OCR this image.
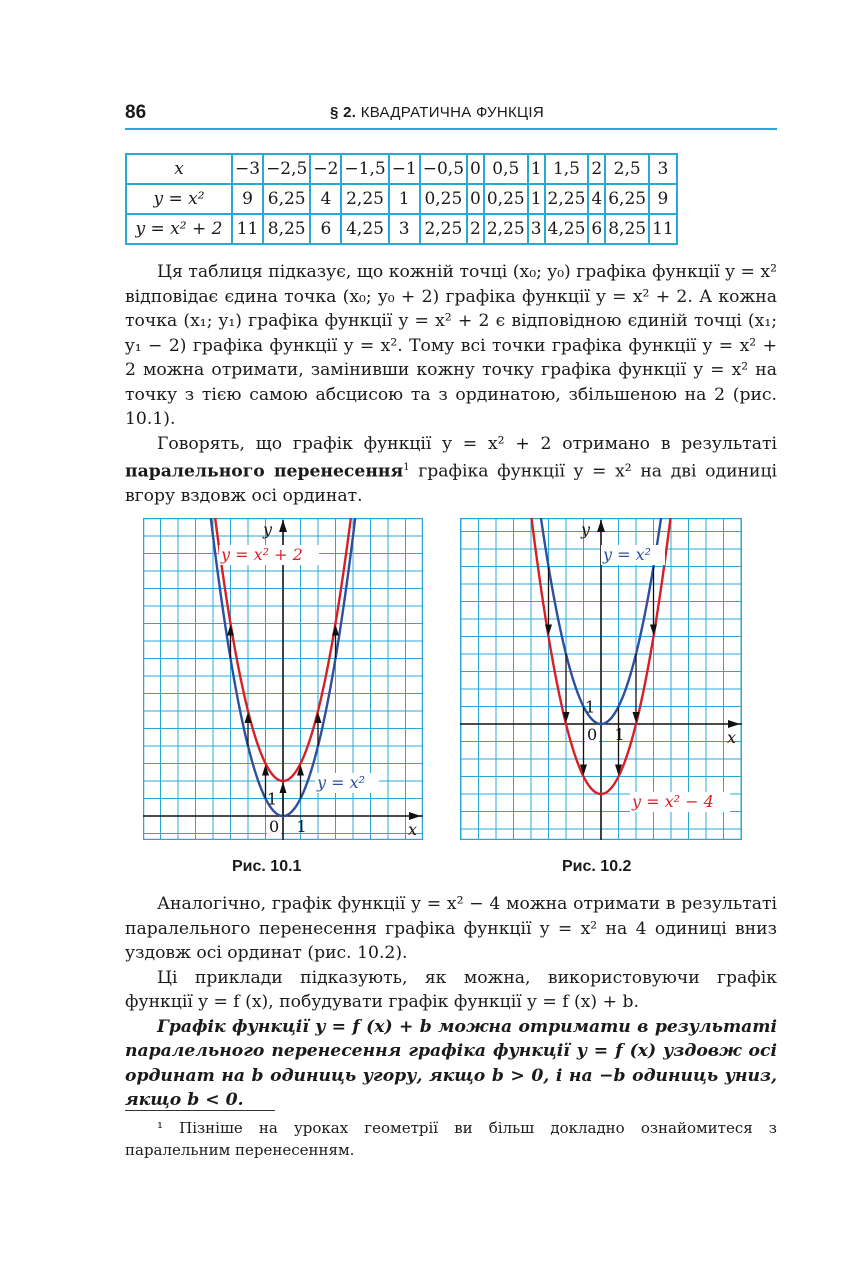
86	§ 2. КВАДРАТИЧНА ФУНКЦІЯ
x	−3	−2,5	−2	−1,5	−1	−0,5	0	0,5	1	1,5	2	2,5	3
y = x²	9	6,25	4	2,25	1	0,25	0	0,25	1	2,25	4	6,25	9
y = x² + 2	11	8,25	6	4,25	3	2,25	2	2,25	3	4,25	6	8,25	11

Ця таблиця підказує, що кожній точці (x₀; y₀) графіка функції y = x² відповідає єдина точка (x₀; y₀ + 2) графіка функції y = x² + 2. А кожна точка (x₁; y₁) графіка функції y = x² + 2 є відповідною єдиній точці (x₁; y₁ − 2) графіка функції y = x². Тому всі точки графіка функції y = x² + 2 можна отримати, замінивши кожну точку графіка функції y = x² на точку з тією самою абсцисою та з ординатою, збільшеною на 2 (рис. 10.1).

Говорять, що графік функції y = x² + 2 отримано в результаті паралельного перенесення$^1$ графіка функції y = x² на дві одиниці вгору вздовж осі ординат.

y
x
0 1
1
y = x² + 2
y = x²
y
x
0 1
1
y = x² − 4
y = x²
Рис. 10.1	Рис. 10.2

Аналогічно, графік функції y = x² − 4 можна отримати в результаті паралельного перенесення графіка функції y = x² на 4 одиниці вниз уздовж осі ординат (рис. 10.2).

Ці приклади підказують, як можна, використовуючи графік функції y = f (x), побудувати графік функції y = f (x) + b.

Графік функції y = f (x) + b можна отримати в результаті паралельного перенесення графіка функції y = f (x) уздовж осі ординат на b одиниць угору, якщо b > 0, і на −b одиниць униз, якщо b < 0.

¹ Пізніше на уроках геометрії ви більш докладно ознайомитеся з паралельним перенесенням.
